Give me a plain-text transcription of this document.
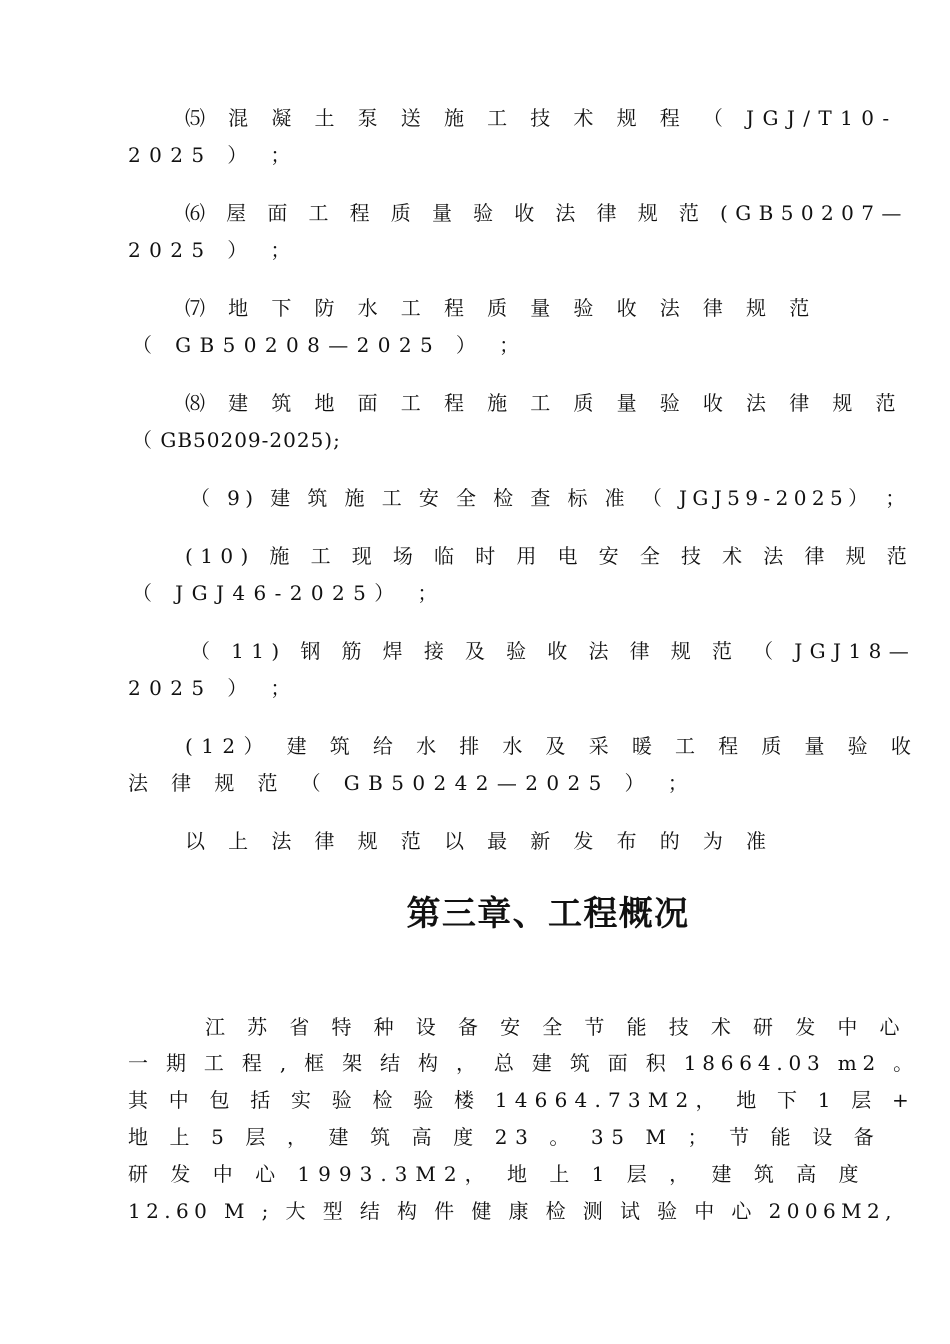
⑸ 混 凝 土 泵 送 施 工 技 术 规 程 （ JGJ/T10-
2025 ） ；
⑹ 屋 面 工 程 质 量 验 收 法 律 规 范 (GB50207—
2025 ） ；
⑺ 地 下 防 水 工 程 质 量 验 收 法 律 规 范
（ GB50208—2025 ） ；
⑻ 建 筑 地 面 工 程 施 工 质 量 验 收 法 律 规 范
（ GB50209-2025);
（ 9) 建 筑 施 工 安 全 检 查 标 准 （ JGJ59-2025） ；
(10) 施 工 现 场 临 时 用 电 安 全 技 术 法 律 规 范
（ JGJ46-2025） ；
（ 11) 钢 筋 焊 接 及 验 收 法 律 规 范 （ JGJ18—
2025 ） ；
(12） 建 筑 给 水 排 水 及 采 暖 工 程 质 量 验 收
法 律 规 范 （ GB50242—2025 ） ；
以 上 法 律 规 范 以 最 新 发 布 的 为 准
第三章、工程概况
江 苏 省 特 种 设 备 安 全 节 能 技 术 研 发 中 心
一 期 工 程 , 框 架 结 构 ， 总 建 筑 面 积 18664.03 m2 。
其 中 包 括 实 验 检 验 楼 14664.73M2， 地 下 1 层 +
地 上 5 层 ， 建 筑 高 度 23 。 35 M ； 节 能 设 备
研 发 中 心 1993.3M2， 地 上 1 层 ， 建 筑 高 度
12.60 M ; 大 型 结 构 件 健 康 检 测 试 验 中 心 2006M2,
